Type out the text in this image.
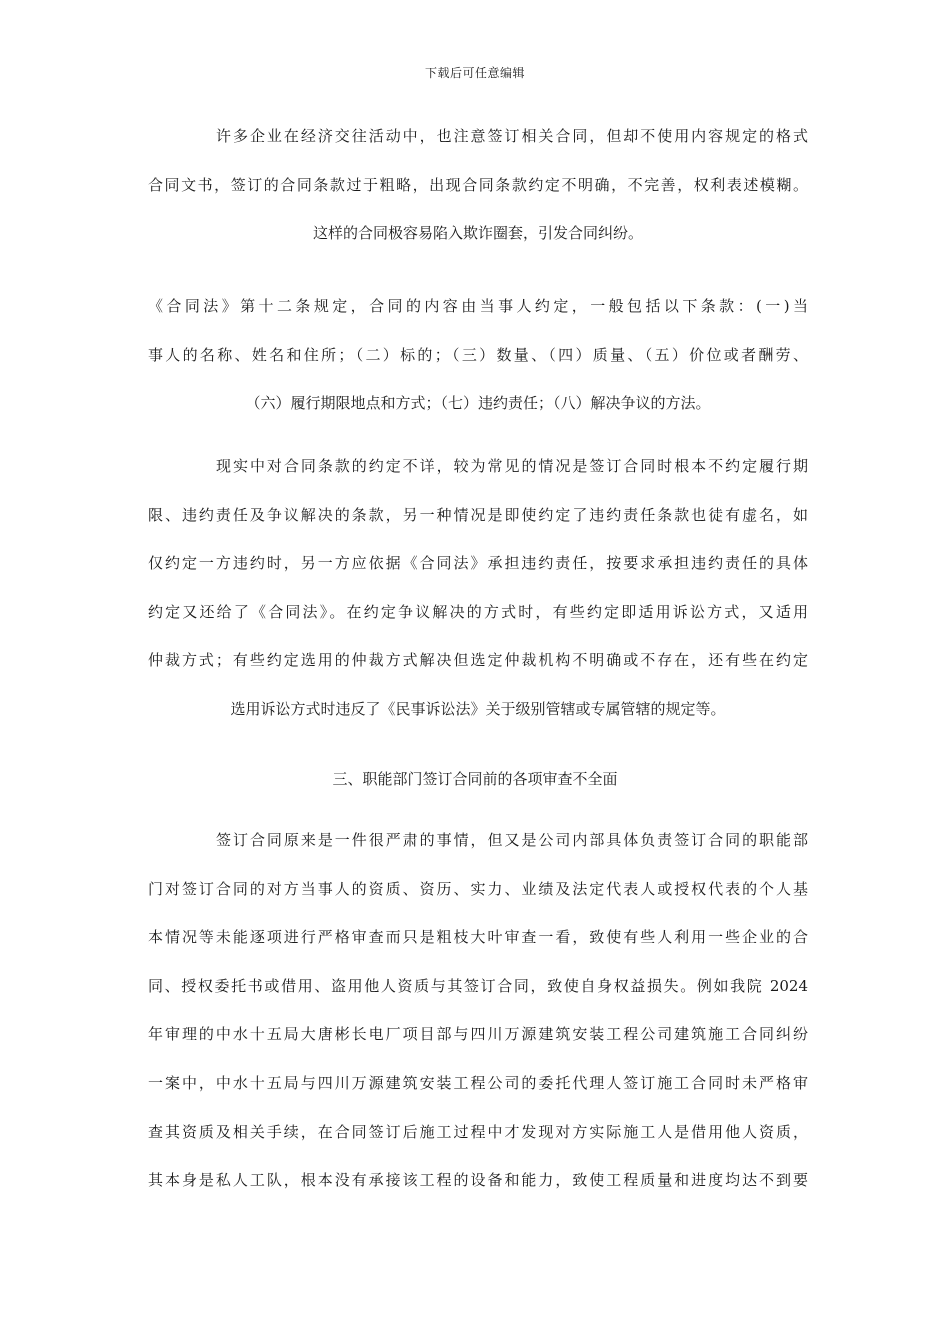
下载后可任意编辑
许多企业在经济交往活动中，也注意签订相关合同，但却不使用内容规定的格式
合同文书，签订的合同条款过于粗略，出现合同条款约定不明确，不完善，权利表述模糊。
这样的合同极容易陷入欺诈圈套，引发合同纠纷。
《合同法》第十二条规定，合同的内容由当事人约定，一般包括以下条款：(一)当
事人的名称、姓名和住所；（二）标的；（三）数量、（四）质量、（五）价位或者酬劳、
（六）履行期限地点和方式；（七）违约责任；（八）解决争议的方法。
现实中对合同条款的约定不详，较为常见的情况是签订合同时根本不约定履行期
限、违约责任及争议解决的条款，另一种情况是即使约定了违约责任条款也徒有虚名，如
仅约定一方违约时，另一方应依据《合同法》承担违约责任，按要求承担违约责任的具体
约定又还给了《合同法》。在约定争议解决的方式时，有些约定即适用诉讼方式，又适用
仲裁方式；有些约定选用的仲裁方式解决但选定仲裁机构不明确或不存在，还有些在约定
选用诉讼方式时违反了《民事诉讼法》关于级别管辖或专属管辖的规定等。
三、职能部门签订合同前的各项审查不全面
签订合同原来是一件很严肃的事情，但又是公司内部具体负责签订合同的职能部
门对签订合同的对方当事人的资质、资历、实力、业绩及法定代表人或授权代表的个人基
本情况等未能逐项进行严格审查而只是粗枝大叶审查一看，致使有些人利用一些企业的合
同、授权委托书或借用、盗用他人资质与其签订合同，致使自身权益损失。例如我院 2024
年审理的中水十五局大唐彬长电厂项目部与四川万源建筑安装工程公司建筑施工合同纠纷
一案中，中水十五局与四川万源建筑安装工程公司的委托代理人签订施工合同时未严格审
查其资质及相关手续，在合同签订后施工过程中才发现对方实际施工人是借用他人资质，
其本身是私人工队，根本没有承接该工程的设备和能力，致使工程质量和进度均达不到要
